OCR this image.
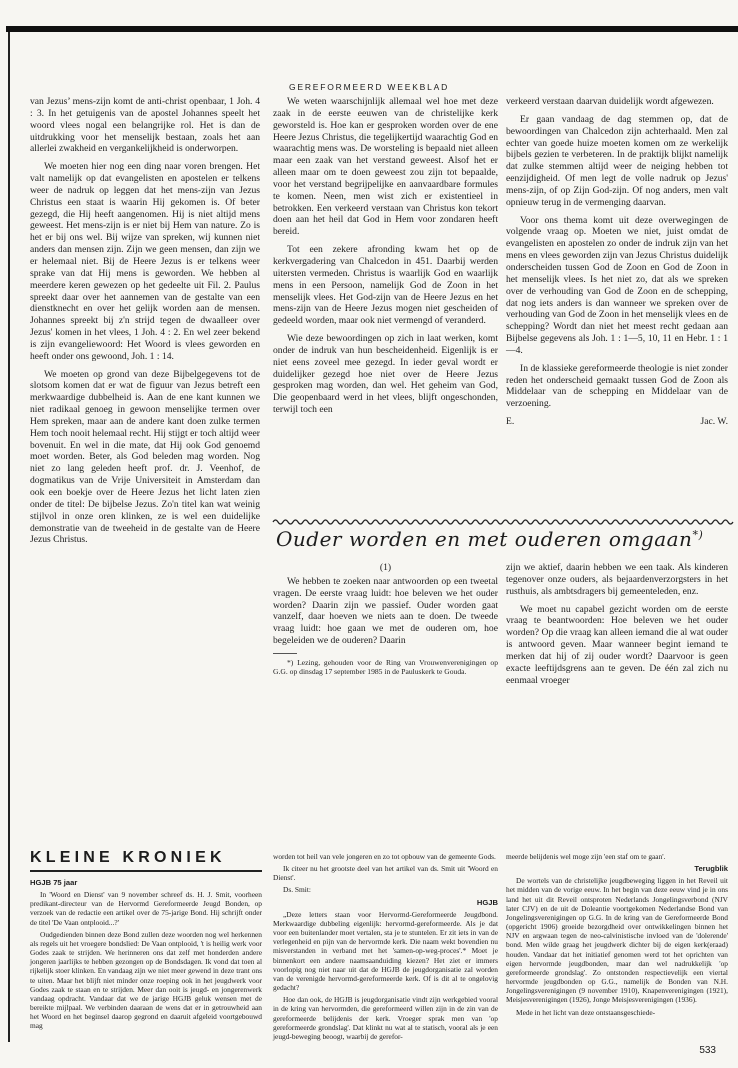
GEREFORMEERD WEEKBLAD

van Jezus’ mens-zijn komt de anti-christ openbaar, 1 Joh. 4 : 3. In het getuigenis van de apostel Johannes speelt het woord vlees nogal een belangrijke rol. Het is dan de uitdrukking voor het menselijk bestaan, zoals het aan allerlei zwakheid en vergankelijkheid is onderworpen.

We moeten hier nog een ding naar voren brengen. Het valt namelijk op dat evangelisten en apostelen er telkens weer de nadruk op leggen dat het mens-zijn van Jezus Christus een staat is waarin Hij gekomen is. Of beter gezegd, die Hij heeft aangenomen. Hij is niet altijd mens geweest. Het mens-zijn is er niet bij Hem van nature. Zo is het er bij ons wel. Bij wijze van spreken, wij kunnen niet anders dan mensen zijn. Zijn we geen mensen, dan zijn we er helemaal niet. Bij de Heere Jezus is er telkens weer sprake van dat Hij mens is geworden. We hebben al meerdere keren gewezen op het gedeelte uit Fil. 2. Paulus spreekt daar over het aannemen van de gestalte van een dienstknecht en over het gelijk worden aan de mensen. Johannes spreekt bij z'n strijd tegen de dwaalleer over Jezus' komen in het vlees, 1 Joh. 4 : 2. En wel zeer bekend is zijn evangeliewoord: Het Woord is vlees geworden en heeft onder ons gewoond, Joh. 1 : 14.

We moeten op grond van deze Bijbelgegevens tot de slotsom komen dat er wat de figuur van Jezus betreft een merkwaardige dubbelheid is. Aan de ene kant kunnen we niet radikaal genoeg in gewoon menselijke termen over Hem spreken, maar aan de andere kant doen zulke termen Hem toch nooit helemaal recht. Hij stijgt er toch altijd weer bovenuit. En wel in die mate, dat Hij ook God genoemd moet worden. Beter, als God beleden mag worden. Nog niet zo lang geleden heeft prof. dr. J. Veenhof, de dogmatikus van de Vrije Universiteit in Amsterdam dan ook een boekje over de Heere Jezus het licht laten zien onder de titel: De bijbelse Jezus. Zo'n titel kan wat weinig stijlvol in onze oren klinken, ze is wel een duidelijke demonstratie van de tweeheid in de gestalte van de Heere Jezus Christus.

We weten waarschijnlijk allemaal wel hoe met deze zaak in de eerste eeuwen van de christelijke kerk geworsteld is. Hoe kan er gesproken worden over de ene Heere Jezus Christus, die tegelijkertijd waarachtig God en waarachtig mens was. De worsteling is bepaald niet alleen maar een zaak van het verstand geweest. Alsof het er alleen maar om te doen geweest zou zijn tot bepaalde, voor het verstand begrijpelijke en aanvaardbare formules te komen. Neen, men wist zich er existentieel in betrokken. Een verkeerd verstaan van Christus kon tekort doen aan het heil dat God in Hem voor zondaren heeft bereid.

Tot een zekere afronding kwam het op de kerkvergadering van Chalcedon in 451. Daarbij werden uitersten vermeden. Christus is waarlijk God en waarlijk mens in een Persoon, namelijk God de Zoon in het menselijk vlees. Het God-zijn van de Heere Jezus en het mens-zijn van de Heere Jezus mogen niet gescheiden of gedeeld worden, maar ook niet vermengd of veranderd.

Wie deze bewoordingen op zich in laat werken, komt onder de indruk van hun bescheidenheid. Eigenlijk is er niet eens zoveel mee gezegd. In ieder geval wordt er duidelijker gezegd hoe niet over de Heere Jezus gesproken mag worden, dan wel. Het geheim van God, Die geopenbaard werd in het vlees, blijft ongeschonden, terwijl toch een

verkeerd verstaan daarvan duidelijk wordt afgewezen.

Er gaan vandaag de dag stemmen op, dat de bewoordingen van Chalcedon zijn achterhaald. Men zal echter van goede huize moeten komen om ze werkelijk bijbels gezien te verbeteren. In de praktijk blijkt namelijk dat zulke stemmen altijd weer de neiging hebben tot eenzijdigheid. Of men legt de volle nadruk op Jezus' mens-zijn, of op Zijn God-zijn. Of nog anders, men valt opnieuw terug in de vermenging daarvan.

Voor ons thema komt uit deze overwegingen de volgende vraag op. Moeten we niet, juist omdat de evangelisten en apostelen zo onder de indruk zijn van het mens en vlees geworden zijn van Jezus Christus duidelijk onderscheiden tussen God de Zoon en God de Zoon in het menselijk vlees. Is het niet zo, dat als we spreken over de verhouding van God de Zoon en de schepping, dat nog iets anders is dan wanneer we spreken over de verhouding van God de Zoon in het menselijk vlees en de schepping? Wordt dan niet het meest recht gedaan aan Bijbelse gegevens als Joh. 1 : 1—5, 10, 11 en Hebr. 1 : 1—4.

In de klassieke gereformeerde theologie is niet zonder reden het onderscheid gemaakt tussen God de Zoon als Middelaar van de schepping en Middelaar van de verzoening.

E.	Jac. W.
Ouder worden en met ouderen omgaan*)

(1)

We hebben te zoeken naar antwoorden op een tweetal vragen. De eerste vraag luidt: hoe beleven we het ouder worden? Daarin zijn we passief. Ouder worden gaat vanzelf, daar hoeven we niets aan te doen. De tweede vraag luidt: hoe gaan we met de ouderen om, hoe begeleiden we de ouderen? Daarin

*) Lezing, gehouden voor de Ring van Vrouwenverenigingen op G.G. op dinsdag 17 september 1985 in de Pauluskerk te Gouda.

zijn we aktief, daarin hebben we een taak. Als kinderen tegenover onze ouders, als bejaardenverzorgsters in het rusthuis, als ambtsdragers bij gemeenteleden, enz.

We moet nu capabel gezicht worden om de eerste vraag te beantwoorden: Hoe beleven we het ouder worden? Op die vraag kan alleen iemand die al wat ouder is antwoord geven. Maar wanneer begint iemand te merken dat hij of zij ouder wordt? Daarvoor is geen exacte leeftijdsgrens aan te geven. De één zal zich nu eenmaal vroeger

KLEINE KRONIEK

HGJB 75 jaar

In 'Woord en Dienst' van 9 november schreef ds. H. J. Smit, voorheen predikant-directeur van de Hervormd Gereformeerde Jeugd Bonden, op verzoek van de redactie een artikel over de 75-jarige Bond. Hij schrijft onder de titel 'De Vaan ontplooid...?'

Oudgedienden binnen deze Bond zullen deze woorden nog wel herkennen als regels uit het vroegere bondslied: De Vaan ontplooid, 't is heilig werk voor Godes zaak te strijden. We herinneren ons dat zelf met honderden andere jongeren jaarlijks te hebben gezongen op de Bondsdagen. Ik vond dat toen al rijkelijk stoer klinken. En vandaag zijn we niet meer gewend in deze trant ons te uiten. Maar het blijft niet minder onze roeping ook in het jeugdwerk voor Godes zaak te staan en te strijden. Meer dan ooit is jeugd- en jongerenwerk vandaag opdracht. Vandaar dat we de jarige HGJB geluk wensen met de bereikte mijlpaal. We verbinden daaraan de wens dat er in getrouwheid aan het Woord en het beginsel daarop gegrond en daaruit afgeleid voortgebouwd mag

worden tot heil van vele jongeren en zo tot opbouw van de gemeente Gods.

Ik citeer nu het grootste deel van het artikel van ds. Smit uit 'Woord en Dienst'.

Ds. Smit:

HGJB

„Deze letters staan voor Hervormd-Gereformeerde Jeugdbond. Merkwaardige dubbeling eigenlijk: hervormd-gereformeerde. Als je dat voor een buitenlander moet vertalen, sta je te stuntelen. Er zit iets in van de verlegenheid en pijn van de hervormde kerk. Die naam wekt bovendien nu misverstanden in verband met het 'samen-op-weg-proces'.* Moet je binnenkort een andere naamsaanduiding kiezen? Het ziet er immers voorlopig nog niet naar uit dat de HGJB de jeugdorganisatie zal worden van de verenigde hervormd-gereformeerde kerk. Of is dit al te ongelovig gedacht?

Hoe dan ook, de HGJB is jeugdorganisatie vindt zijn werkgebied vooral in de kring van hervormden, die gereformeerd willen zijn in de zin van de gereformeerde belijdenis der kerk. Vroeger sprak men van 'op gereformeerde grondslag'. Dat klinkt nu wat al te statisch, vooral als je een jeugd-beweging beoogt, waarbij de gerefor-

meerde belijdenis wel moge zijn 'een staf om te gaan'.

Terugblik

De wortels van de christelijke jeugdbeweging liggen in het Reveil uit het midden van de vorige eeuw. In het begin van deze eeuw vind je in ons land het uit dit Reveil ontsproten Nederlands Jongelingsverbond (NJV later CJV) en de uit de Doleantie voortgekomen Nederlandse Bond van Jongelingsverenigingen op G.G. In de kring van de Gereformeerde Bond (opgericht 1906) groeide bezorgdheid over ontwikkelingen binnen het NJV en argwaan tegen de neo-calvinistische invloed van de 'dolerende' bond. Men wilde graag het jeugdwerk dichter bij de eigen kerk(eraad) houden. Vandaar dat het initiatief genomen werd tot het oprichten van eigen hervormde jeugdbonden, maar dan wel nadrukkelijk 'op gereformeerde grondslag'. Zo ontstonden respectievelijk een viertal hervormde jeugdbonden op G.G., namelijk de Bonden van N.H. Jongelingsverenigingen (9 november 1910), Knapenverenigingen (1921), Meisjesverenigingen (1926), Jonge Meisjesverenigingen (1936).

Mede in het licht van deze ontstaansgeschiede-

533
